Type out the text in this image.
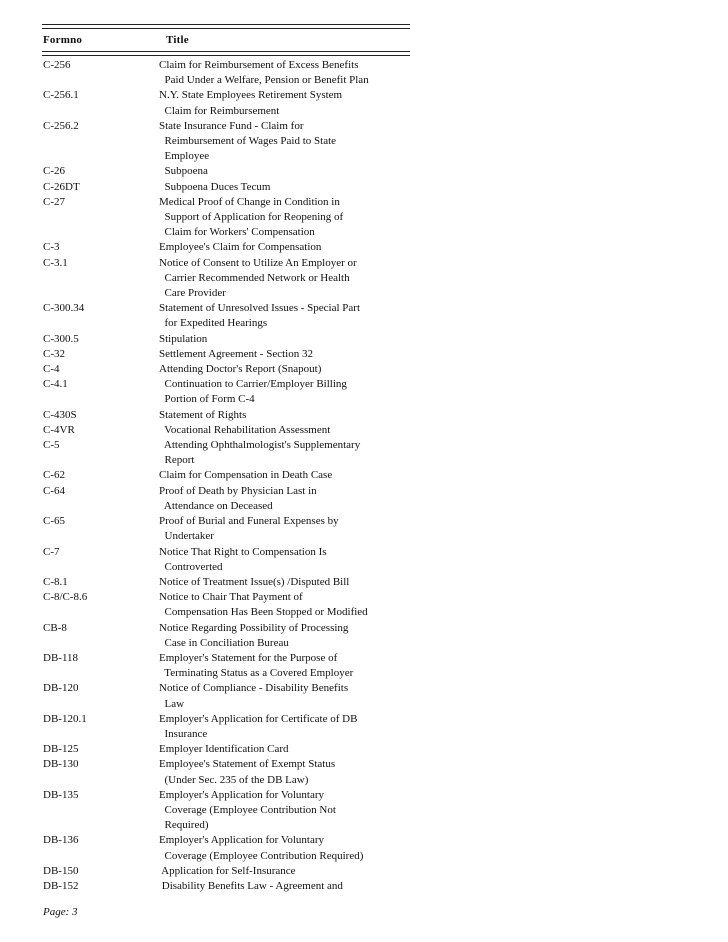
Formno	Title
C-256	Claim for Reimbursement of Excess Benefits
Paid Under a Welfare, Pension or Benefit Plan
C-256.1	N.Y. State Employees Retirement System
Claim for Reimbursement
C-256.2	State Insurance Fund - Claim for
Reimbursement of Wages Paid to State
Employee
C-26	Subpoena
C-26DT	Subpoena Duces Tecum
C-27	Medical Proof of Change in Condition in
Support of Application for Reopening of
Claim for Workers' Compensation
C-3	Employee's Claim for Compensation
C-3.1	Notice of Consent to Utilize An Employer or
Carrier Recommended Network or Health
Care Provider
C-300.34	Statement of Unresolved Issues - Special Part
for Expedited Hearings
C-300.5	Stipulation
C-32	Settlement Agreement - Section 32
C-4	Attending Doctor's Report (Snapout)
C-4.1	Continuation to Carrier/Employer Billing
Portion of Form C-4
C-430S	Statement of Rights
C-4VR	Vocational Rehabilitation Assessment
C-5	Attending Ophthalmologist's Supplementary
Report
C-62	Claim for Compensation in Death Case
C-64	Proof of Death by Physician Last in
Attendance on Deceased
C-65	Proof of Burial and Funeral Expenses by
Undertaker
C-7	Notice That Right to Compensation Is
Controverted
C-8.1	Notice of Treatment Issue(s) /Disputed Bill
C-8/C-8.6	Notice to Chair That Payment of
Compensation Has Been Stopped or Modified
CB-8	Notice Regarding Possibility of Processing
Case in Conciliation Bureau
DB-118	Employer's Statement for the Purpose of
Terminating Status as a Covered Employer
DB-120	Notice of Compliance - Disability Benefits
Law
DB-120.1	Employer's Application for Certificate of DB
Insurance
DB-125	Employer Identification Card
DB-130	Employee's Statement of Exempt Status
(Under Sec. 235 of the DB Law)
DB-135	Employer's Application for Voluntary
Coverage (Employee Contribution Not
Required)
DB-136	Employer's Application for Voluntary
Coverage (Employee Contribution Required)
DB-150	Application for Self-Insurance
DB-152	Disability Benefits Law - Agreement and
Page: 3
